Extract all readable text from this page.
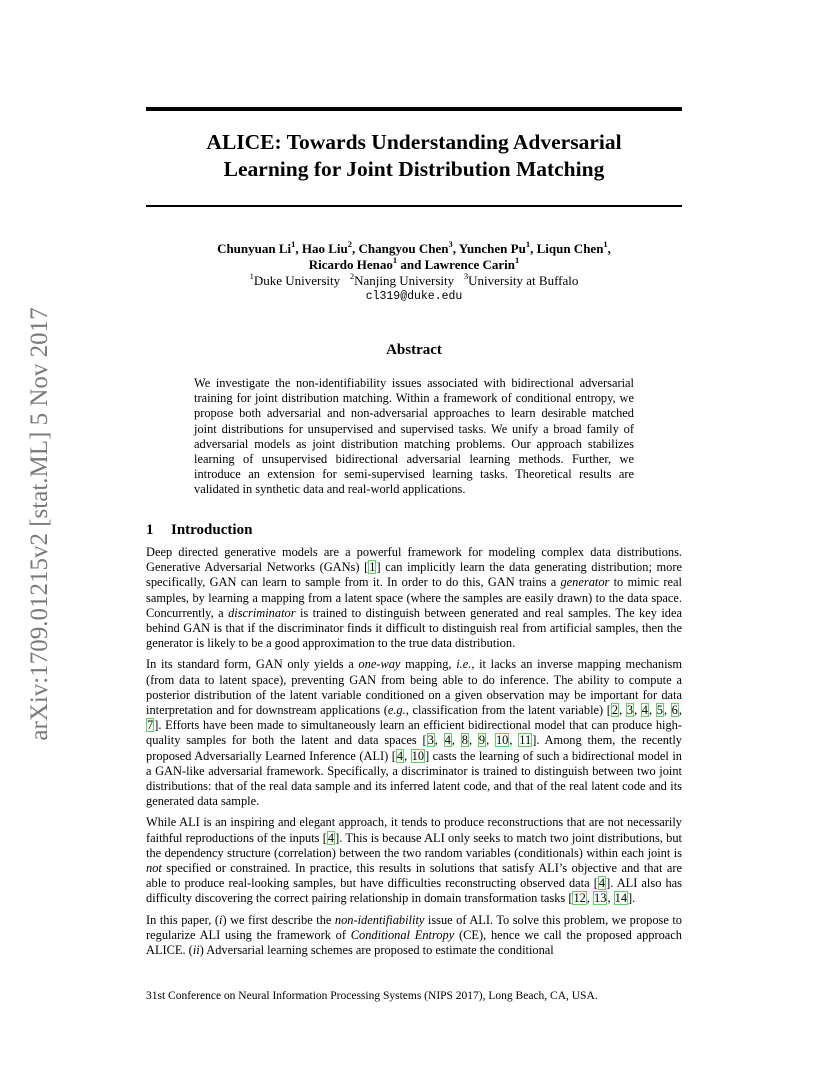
arXiv:1709.01215v2 [stat.ML] 5 Nov 2017
ALICE: Towards Understanding Adversarial
Learning for Joint Distribution Matching
Chunyuan Li$^1$, Hao Liu$^2$, Changyou Chen$^3$, Yunchen Pu$^1$, Liqun Chen$^1$,
Ricardo Henao$^1$ and Lawrence Carin$^1$
$^1$Duke University $^2$Nanjing University $^3$University at Buffalo
cl319@duke.edu
Abstract
We investigate the non-identifiability issues associated with bidirectional adversarial training for joint distribution matching. Within a framework of conditional entropy, we propose both adversarial and non-adversarial approaches to learn desirable matched joint distributions for unsupervised and supervised tasks. We unify a broad family of adversarial models as joint distribution matching problems. Our approach stabilizes learning of unsupervised bidirectional adversarial learning methods. Further, we introduce an extension for semi-supervised learning tasks. Theoretical results are validated in synthetic data and real-world applications.
1 Introduction

Deep directed generative models are a powerful framework for modeling complex data distributions. Generative Adversarial Networks (GANs) [1] can implicitly learn the data generating distribution; more specifically, GAN can learn to sample from it. In order to do this, GAN trains a generator to mimic real samples, by learning a mapping from a latent space (where the samples are easily drawn) to the data space. Concurrently, a discriminator is trained to distinguish between generated and real samples. The key idea behind GAN is that if the discriminator finds it difficult to distinguish real from artificial samples, then the generator is likely to be a good approximation to the true data distribution.

In its standard form, GAN only yields a one-way mapping, i.e., it lacks an inverse mapping mechanism (from data to latent space), preventing GAN from being able to do inference. The ability to compute a posterior distribution of the latent variable conditioned on a given observation may be important for data interpretation and for downstream applications (e.g., classification from the latent variable) [2, 3, 4, 5, 6, 7]. Efforts have been made to simultaneously learn an efficient bidirectional model that can produce high-quality samples for both the latent and data spaces [3, 4, 8, 9, 10, 11]. Among them, the recently proposed Adversarially Learned Inference (ALI) [4, 10] casts the learning of such a bidirectional model in a GAN-like adversarial framework. Specifically, a discriminator is trained to distinguish between two joint distributions: that of the real data sample and its inferred latent code, and that of the real latent code and its generated data sample.

While ALI is an inspiring and elegant approach, it tends to produce reconstructions that are not necessarily faithful reproductions of the inputs [4]. This is because ALI only seeks to match two joint distributions, but the dependency structure (correlation) between the two random variables (conditionals) within each joint is not specified or constrained. In practice, this results in solutions that satisfy ALI’s objective and that are able to produce real-looking samples, but have difficulties reconstructing observed data [4]. ALI also has difficulty discovering the correct pairing relationship in domain transformation tasks [12, 13, 14].

In this paper, (i) we first describe the non-identifiability issue of ALI. To solve this problem, we propose to regularize ALI using the framework of Conditional Entropy (CE), hence we call the proposed approach ALICE. (ii) Adversarial learning schemes are proposed to estimate the conditional

31st Conference on Neural Information Processing Systems (NIPS 2017), Long Beach, CA, USA.
